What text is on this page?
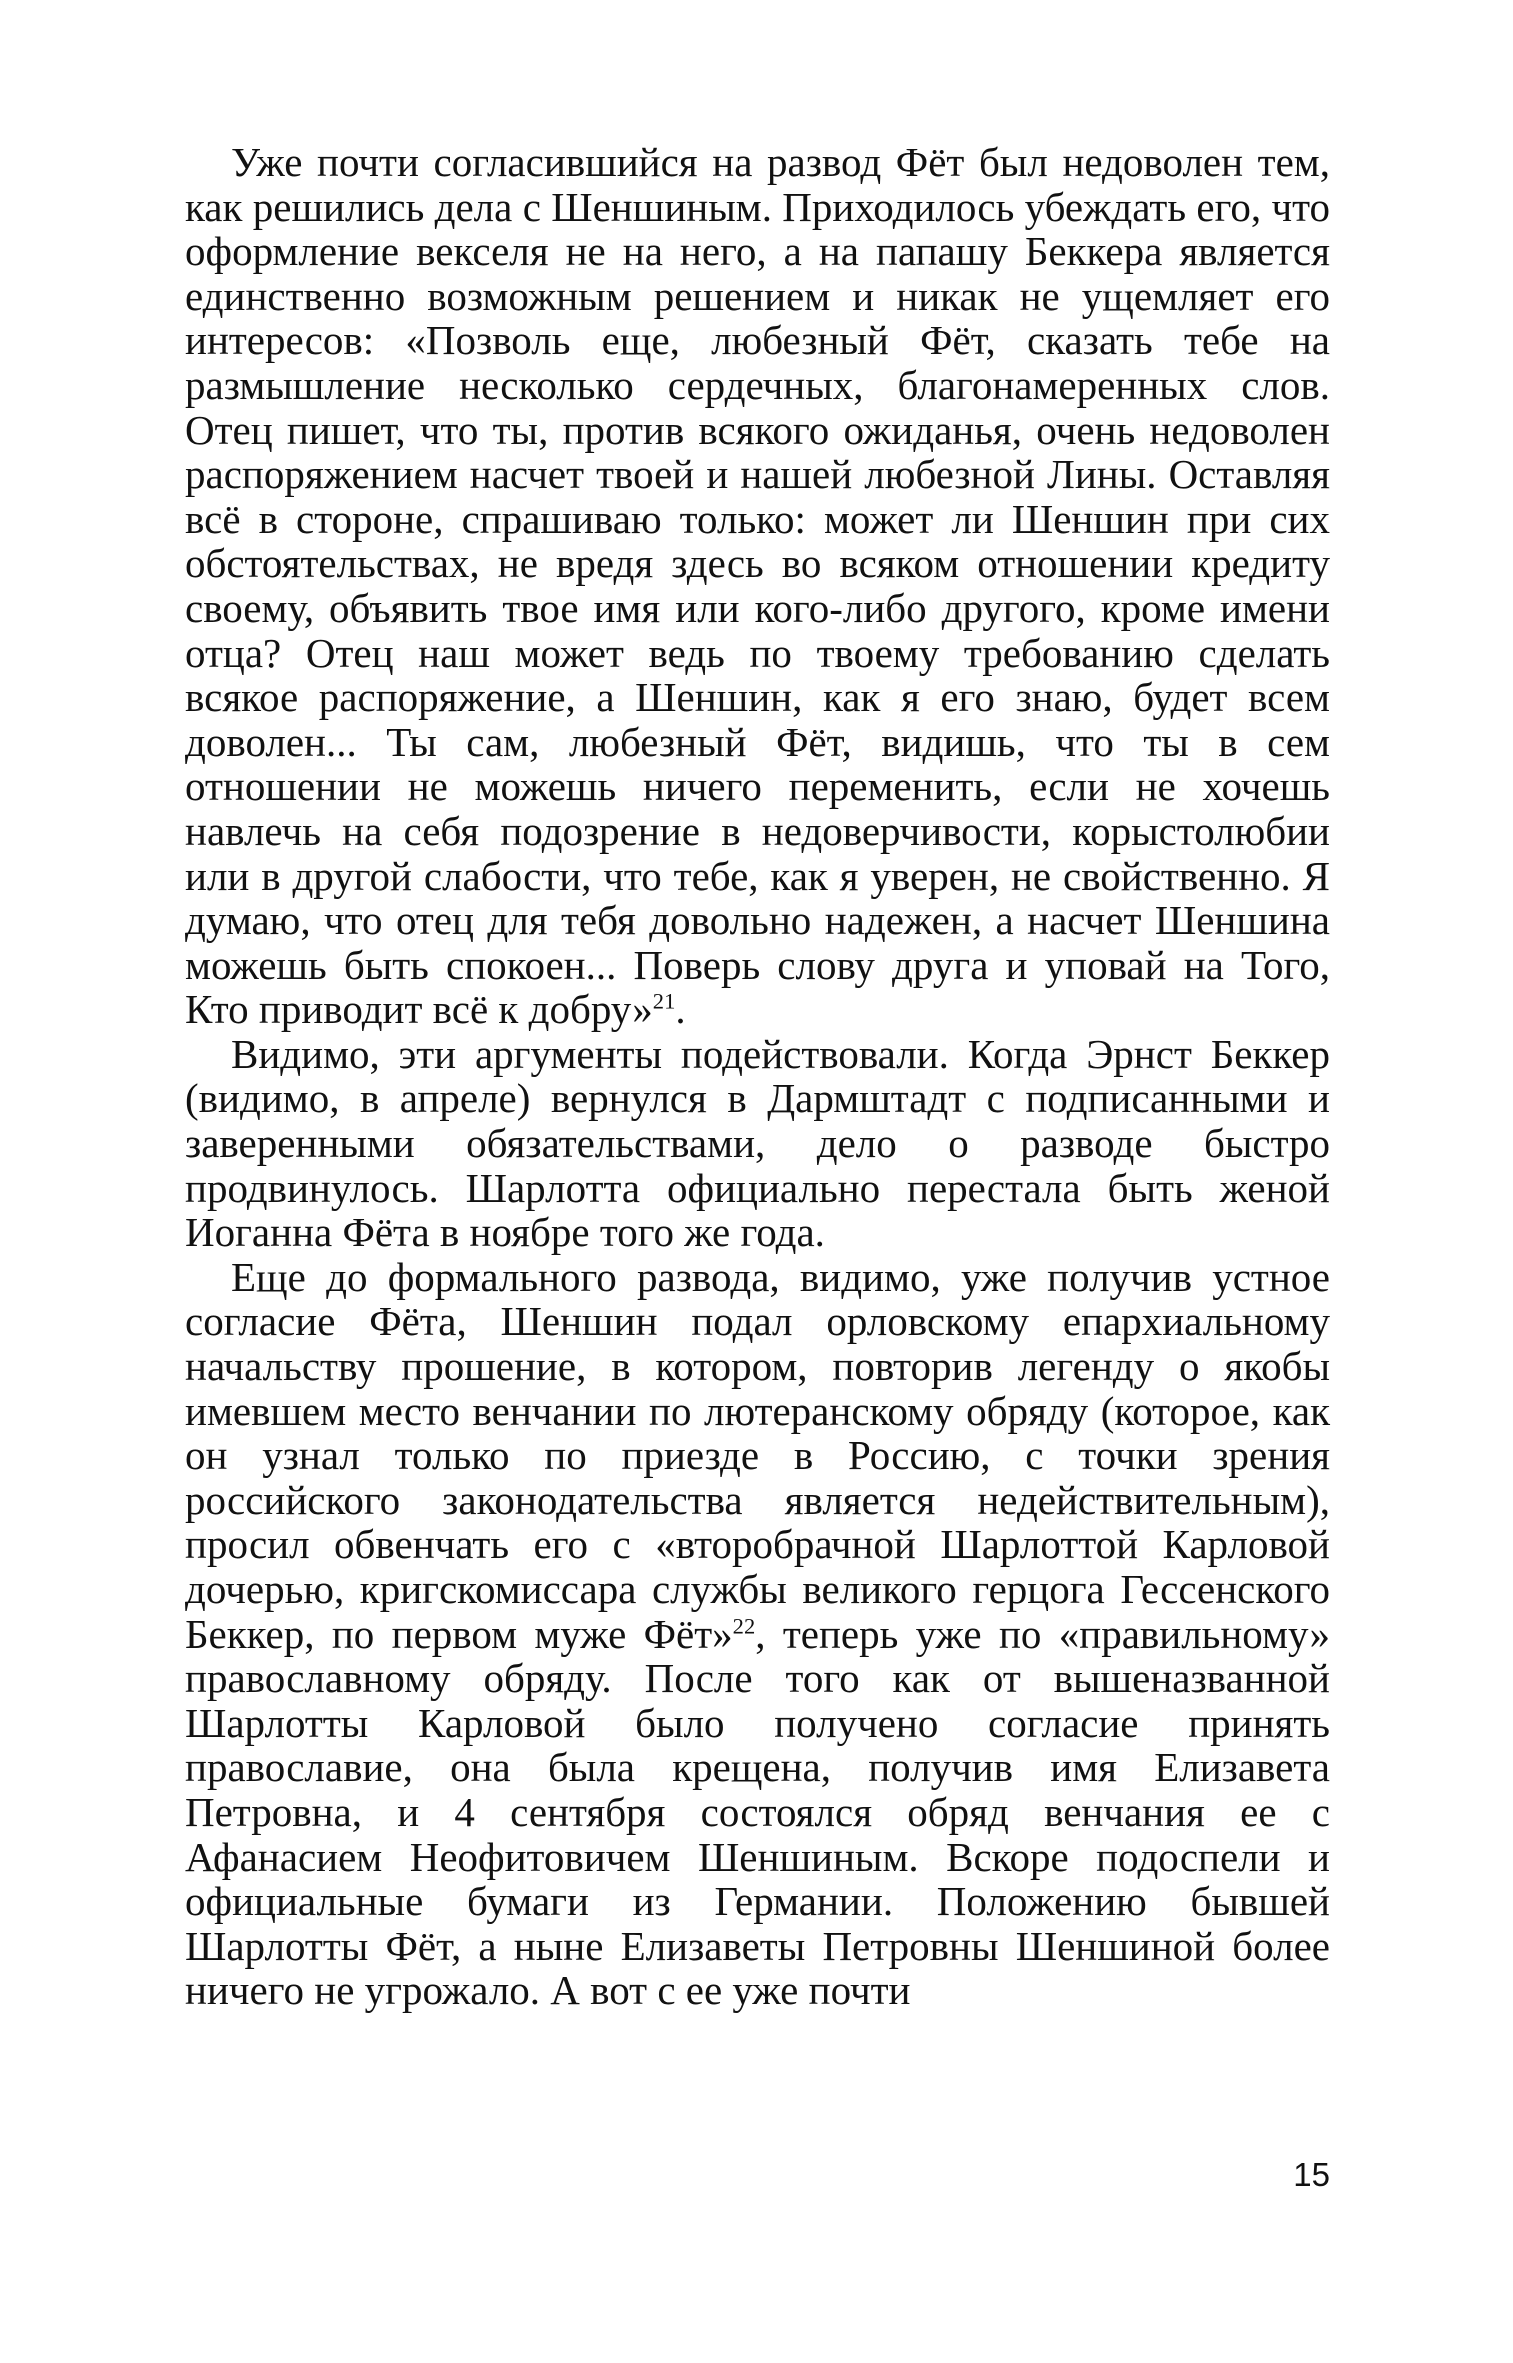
Уже почти согласившийся на развод Фёт был недоволен тем, как решились дела с Шеншиным. Приходилось убеждать его, что оформление векселя не на него, а на папашу Беккера является единственно возможным решением и никак не ущемляет его интересов: «Позволь еще, любезный Фёт, сказать тебе на размышление несколько сердечных, благонамеренных слов. Отец пишет, что ты, против всякого ожиданья, очень недоволен распоряжением насчет твоей и нашей любезной Лины. Оставляя всё в стороне, спрашиваю только: может ли Шеншин при сих обстоятельствах, не вредя здесь во всяком отношении кредиту своему, объявить твое имя или кого-либо другого, кроме имени отца? Отец наш может ведь по твоему требованию сделать всякое распоряжение, а Шеншин, как я его знаю, будет всем доволен... Ты сам, любезный Фёт, видишь, что ты в сем отношении не можешь ничего переменить, если не хочешь навлечь на себя подозрение в недоверчивости, корыстолюбии или в другой слабости, что тебе, как я уверен, не свойственно. Я думаю, что отец для тебя довольно надежен, а насчет Шеншина можешь быть спокоен... Поверь слову друга и уповай на Того, Кто приводит всё к добру»$^{21}$.

Видимо, эти аргументы подействовали. Когда Эрнст Беккер (видимо, в апреле) вернулся в Дармштадт с подписанными и заверенными обязательствами, дело о разводе быстро продвинулось. Шарлотта официально перестала быть женой Иоганна Фёта в ноябре того же года.

Еще до формального развода, видимо, уже получив устное согласие Фёта, Шеншин подал орловскому епархиальному начальству прошение, в котором, повторив легенду о якобы имевшем место венчании по лютеранскому обряду (которое, как он узнал только по приезде в Россию, с точки зрения российского законодательства является недействительным), просил обвенчать его с «второбрачной Шарлоттой Карловой дочерью, кригскомиссара службы великого герцога Гессенского Беккер, по первом муже Фёт»$^{22}$, теперь уже по «правильному» православному обряду. После того как от вышеназванной Шарлотты Карловой было получено согласие принять православие, она была крещена, получив имя Елизавета Петровна, и 4 сентября состоялся обряд венчания ее с Афанасием Неофитовичем Шеншиным. Вскоре подоспели и официальные бумаги из Германии. Положению бывшей Шарлотты Фёт, а ныне Елизаветы Петровны Шеншиной более ничего не угрожало. А вот с ее уже почти

15
